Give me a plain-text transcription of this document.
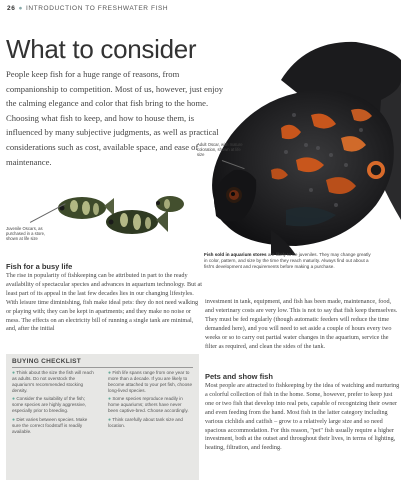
26 ● INTRODUCTION TO FRESHWATER FISH
What to consider
People keep fish for a huge range of reasons, from companionship to competition. Most of us, however, just enjoy the calming elegance and color that fish bring to the home. Choosing what fish to keep, and how to house them, is influenced by many subjective judgments, as well as practical considerations such as cost, available space, and ease of maintenance.
Adult Oscar, with mature coloration, shown at life size
Juvenile Oscars, as purchased in a store, shown at life size
Fish sold in aquarium stores are likely to be juveniles. They may change greatly in color, pattern, and size by the time they reach maturity. Always find out about a fish's development and requirements before making a purchase.
Fish for a busy life
The rise in popularity of fishkeeping can be attributed in part to the ready availability of spectacular species and advances in aquarium technology. But at least part of its appeal in the last few decades lies in our changing lifestyles. With leisure time diminishing, fish make ideal pets: they do not need walking or playing with; they can be kept in apartments; and they make no noise or mess. The effects on an electricity bill of running a single tank are minimal, and, after the initial
investment in tank, equipment, and fish has been made, maintenance, food, and veterinary costs are very low. This is not to say that fish keep themselves. They must be fed regularly (though automatic feeders will reduce the time demanded here), and you will need to set aside a couple of hours every two weeks or so to carry out partial water changes in the aquarium, service the filter as required, and clean the sides of the tank.
BUYING CHECKLIST
● Think about the size the fish will reach as adults. Do not overstock the aquarium's recommended stocking density.
● Consider the suitability of the fish; some species are highly aggressive, especially prior to breeding.
● Diet varies between species. Make sure the correct foodstuff is readily available.
● Fish life spans range from one year to more than a decade. If you are likely to become attached to your pet fish, choose long-lived species.
● Some species reproduce readily in home aquariums; others have never been captive-bred. Choose accordingly.
● Think carefully about tank size and location.
Pets and show fish
Most people are attracted to fishkeeping by the idea of watching and nurturing a colorful collection of fish in the home. Some, however, prefer to keep just one or two fish that develop into real pets, capable of recognizing their owner and even feeding from the hand. Most fish in the latter category including various cichlids and catfish – grow to a relatively large size and so need spacious accommodation. For this reason, "pet" fish usually require a higher investment, both at the outset and throughout their lives, in terms of lighting, heating, filtration, and feeding.
